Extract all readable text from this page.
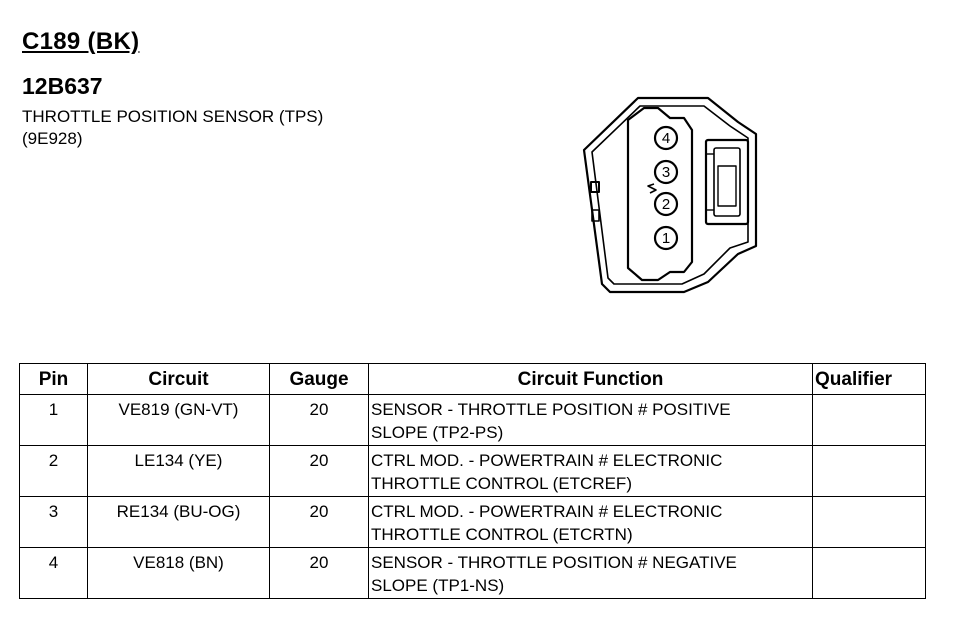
C189 (BK)
12B637
THROTTLE POSITION SENSOR (TPS)
(9E928)	4
3
2
1
Pin	Circuit	Gauge	Circuit Function	Qualifier
1	VE819 (GN-VT)	20	SENSOR - THROTTLE POSITION # POSITIVE
SLOPE (TP2-PS)	

2	LE134 (YE)	20	CTRL MOD. - POWERTRAIN # ELECTRONIC
THROTTLE CONTROL (ETCREF)	

3	RE134 (BU-OG)	20	CTRL MOD. - POWERTRAIN # ELECTRONIC
THROTTLE CONTROL (ETCRTN)	

4	VE818 (BN)	20	SENSOR - THROTTLE POSITION # NEGATIVE
SLOPE (TP1-NS)	
